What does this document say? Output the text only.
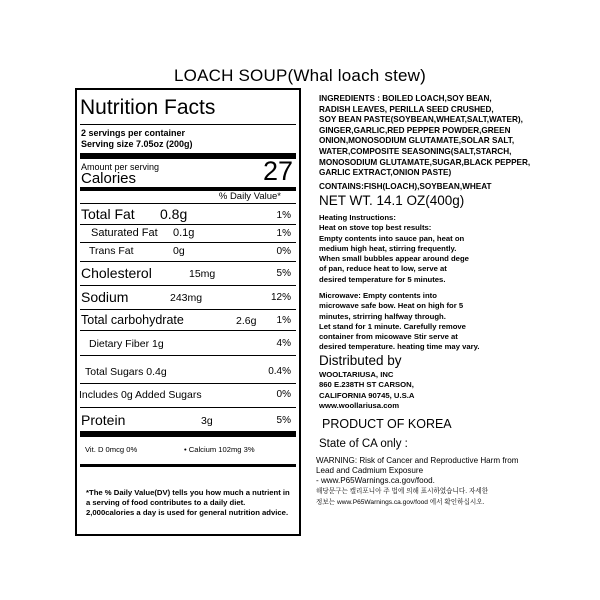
LOACH SOUP(Whal loach stew)
Nutrition Facts
2 servings per container
Serving size 7.05oz (200g)
Amount per serving
Calories	27
% Daily Value*
Total Fat	0.8g	1%
Saturated Fat	0.1g	1%
Trans Fat	0g	0%
Cholesterol	15mg	5%
Sodium	243mg	12%
Total carbohydrate	2.6g 1%
Dietary Fiber 1g	4%
Total Sugars 0.4g	0.4%
Includes 0g Added Sugars	0%
Protein	3g	5%
Vit. D 0mcg 0%	• Calcium 102mg 3%
*The % Daily Value(DV) tells you how much a nutrient in a serving of food contributes to a daily diet. 2,000calories a day is used for general nutrition advice.
INGREDIENTS : BOILED LOACH,SOY BEAN,
RADISH LEAVES, PERILLA SEED CRUSHED,
SOY BEAN PASTE(SOYBEAN,WHEAT,SALT,WATER),
GINGER,GARLIC,RED PEPPER POWDER,GREEN
ONION,MONOSODIUM GLUTAMATE,SOLAR SALT,
WATER,COMPOSITE SEASONING(SALT,STARCH,
MONOSODIUM GLUTAMATE,SUGAR,BLACK PEPPER,
GARLIC EXTRACT,ONION PASTE)
CONTAINS:FISH(LOACH),SOYBEAN,WHEAT
NET WT. 14.1 OZ(400g)
Heating Instructions:
Heat on stove top best results:
Empty contents into sauce pan, heat on
medium high heat, stirring frequently.
When small bubbles appear around dege
of pan, reduce heat to low, serve at
desired temperature for 5 minutes.
Microwave: Empty contents into
microwave safe bow. Heat on high for 5
minutes, strirring halfway through.
Let stand for 1 minute. Carefully remove
container from micowave Stir serve at
desired temperature. heating time may vary.
Distributed by
WOOLTARIUSA, INC
860 E.238TH ST CARSON,
CALIFORNIA 90745, U.S.A
www.woollariusa.com
PRODUCT OF KOREA
State of CA only :
WARNING: Risk of Cancer and Reproductive Harm from
Lead and Cadmium Exposure
- www.P65Warnings.ca.gov/food.
해당문구는 캘리포니아 주 법에 의해 표시하였습니다. 자세한
정보는 www.P65Warnings.ca.gov/food 에서 확인하십시오.
